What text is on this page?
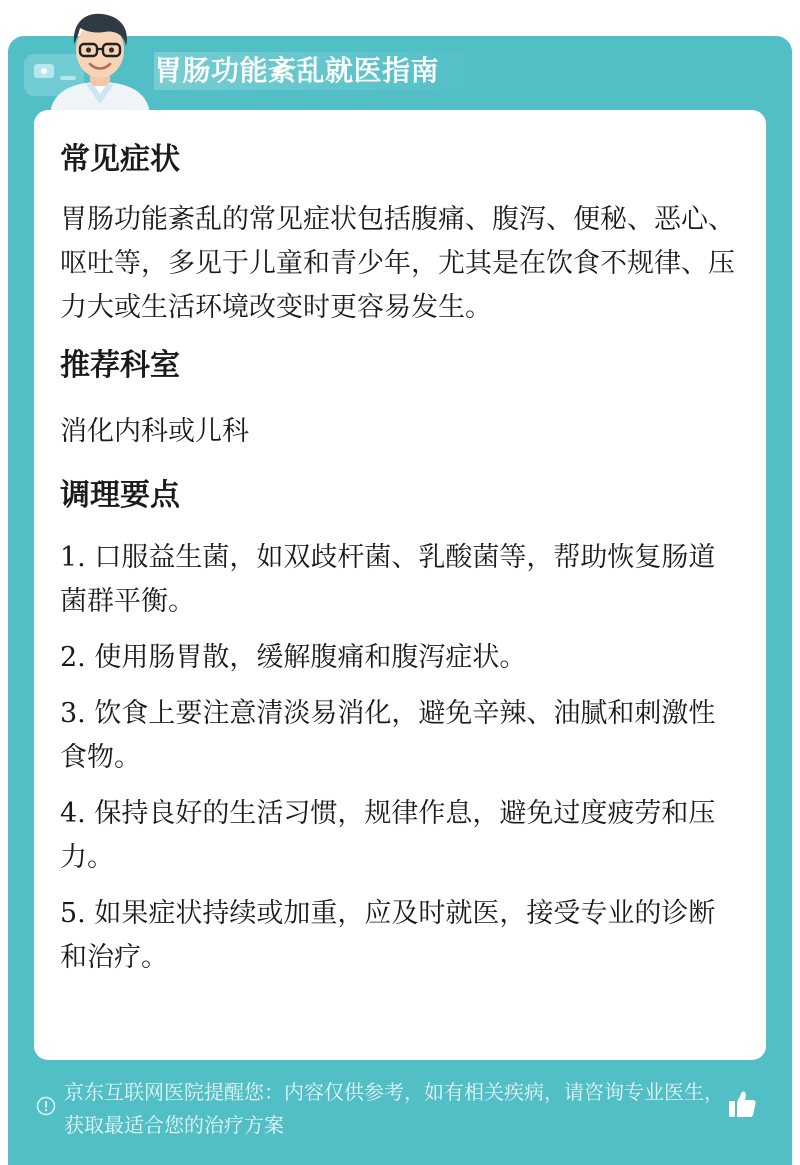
胃肠功能紊乱就医指南
常见症状
胃肠功能紊乱的常见症状包括腹痛、腹泻、便秘、恶心、呕吐等，多见于儿童和青少年，尤其是在饮食不规律、压力大或生活环境改变时更容易发生。
推荐科室
消化内科或儿科
调理要点
1. 口服益生菌，如双歧杆菌、乳酸菌等，帮助恢复肠道菌群平衡。
2. 使用肠胃散，缓解腹痛和腹泻症状。
3. 饮食上要注意清淡易消化，避免辛辣、油腻和刺激性食物。
4. 保持良好的生活习惯，规律作息，避免过度疲劳和压力。
5. 如果症状持续或加重，应及时就医，接受专业的诊断和治疗。
京东互联网医院提醒您：内容仅供参考，如有相关疾病，请咨询专业医生，获取最适合您的治疗方案
